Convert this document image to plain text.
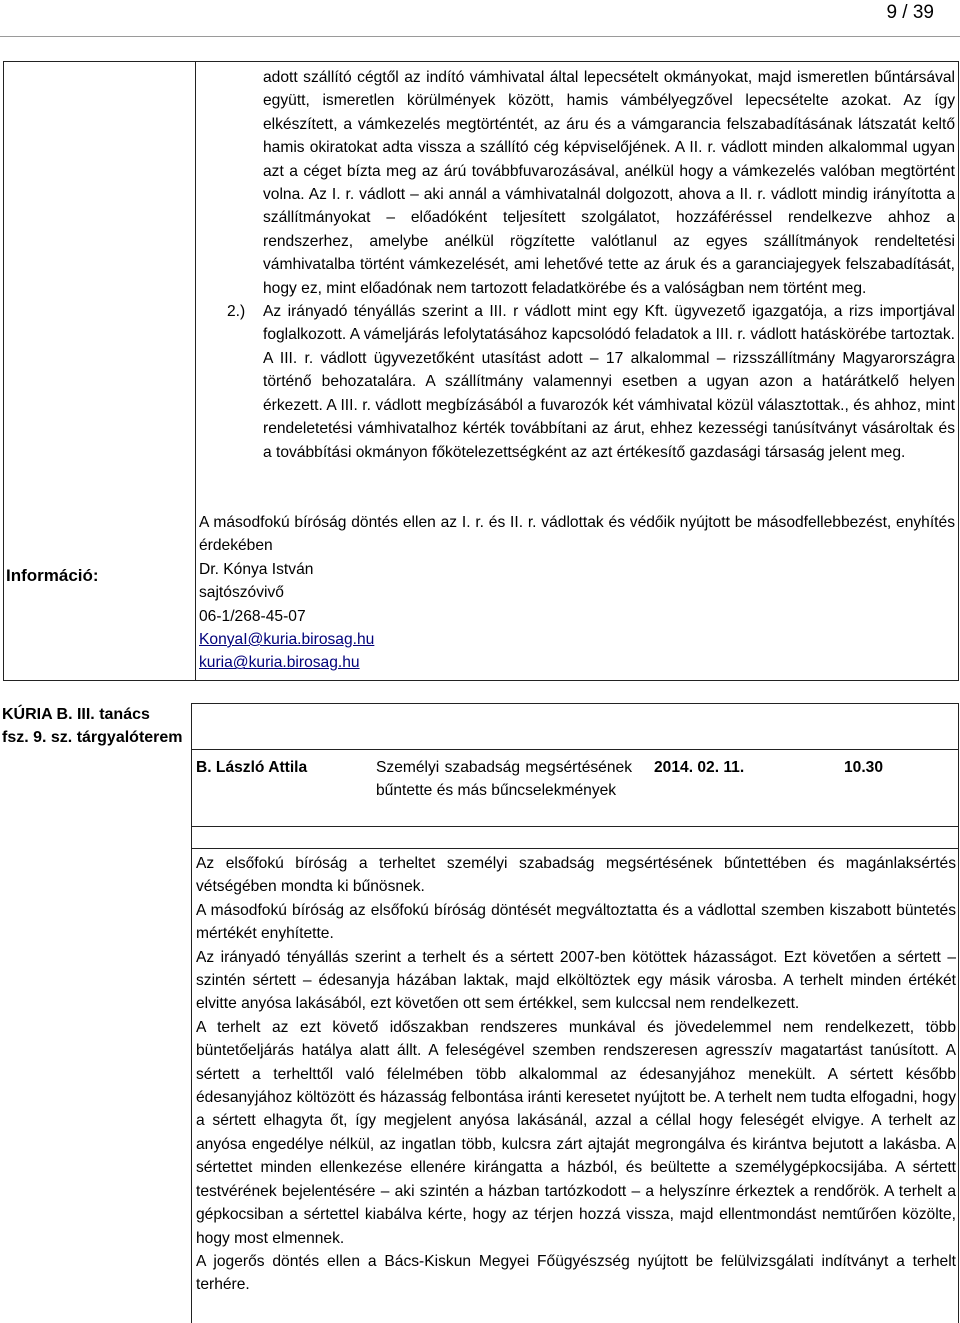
9 / 39
Információ:

adott szállító cégtől az indító vámhivatal által lepecsételt okmányokat, majd ismeretlen bűntársával együtt, ismeretlen körülmények között, hamis vámbélyegzővel lepecsételte azokat. Az így elkészített, a vámkezelés megtörténtét, az áru és a vámgarancia felszabadításának látszatát keltő hamis okiratokat adta vissza a szállító cég képviselőjének. A II. r. vádlott minden alkalommal ugyan azt a céget bízta meg az árú továbbfuvarozásával, anélkül hogy a vámkezelés valóban megtörtént volna. Az I. r. vádlott – aki annál a vámhivatalnál dolgozott, ahova a II. r. vádlott mindig irányította a szállítmányokat – előadóként teljesített szolgálatot, hozzáféréssel rendelkezve ahhoz a rendszerhez, amelybe anélkül rögzítette valótlanul az egyes szállítmányok rendeltetési vámhivatalba történt vámkezelését, ami lehetővé tette az áruk és a garanciajegyek felszabadítását, hogy ez, mint előadónak nem tartozott feladatkörébe és a valóságban nem történt meg.

2.) Az irányadó tényállás szerint a III. r vádlott mint egy Kft. ügyvezető igazgatója, a rizs importjával foglalkozott. A vámeljárás lefolytatásához kapcsolódó feladatok a III. r. vádlott hatáskörébe tartoztak. A III. r. vádlott ügyvezetőként utasítást adott – 17 alkalommal – rizsszállítmány Magyarországra történő behozatalára. A szállítmány valamennyi esetben a ugyan azon a határátkelő helyen érkezett. A III. r. vádlott megbízásából a fuvarozók két vámhivatal közül választottak., és ahhoz, mint rendeletetési vámhivatalhoz kérték továbbítani az árut, ehhez kezességi tanúsítványt vásároltak és a továbbítási okmányon főkötelezettségként az azt értékesítő gazdasági társaság jelent meg.

A másodfokú bíróság döntés ellen az I. r. és II. r. vádlottak és védőik nyújtott be másodfellebbezést, enyhítés érdekében

Dr. Kónya István
sajtószóvivő
06-1/268-45-07
KonyaI@kuria.birosag.hu
kuria@kuria.birosag.hu
KÚRIA B. III. tanács
fsz. 9. sz. tárgyalóterem
B. László Attila	Személyi szabadság megsértésének bűntette és más bűncselekmények
2014. 02. 11.	10.30

Az elsőfokú bíróság a terheltet személyi szabadság megsértésének bűntettében és magánlaksértés vétségében mondta ki bűnösnek.

A másodfokú bíróság az elsőfokú bíróság döntését megváltoztatta és a vádlottal szemben kiszabott büntetés mértékét enyhítette.

Az irányadó tényállás szerint a terhelt és a sértett 2007-ben kötöttek házasságot. Ezt követően a sértett – szintén sértett – édesanyja házában laktak, majd elköltöztek egy másik városba. A terhelt minden értékét elvitte anyósa lakásából, ezt követően ott sem értékkel, sem kulccsal nem rendelkezett.

A terhelt az ezt követő időszakban rendszeres munkával és jövedelemmel nem rendelkezett, több büntetőeljárás hatálya alatt állt. A feleségével szemben rendszeresen agresszív magatartást tanúsított. A sértett a terhelttől való félelmében több alkalommal az édesanyjához menekült. A sértett később édesanyjához költözött és házasság felbontása iránti keresetet nyújtott be. A terhelt nem tudta elfogadni, hogy a sértett elhagyta őt, így megjelent anyósa lakásánál, azzal a céllal hogy feleségét elvigye. A terhelt az anyósa engedélye nélkül, az ingatlan több, kulcsra zárt ajtaját megrongálva és kirántva bejutott a lakásba. A sértettet minden ellenkezése ellenére kirángatta a házból, és beültette a személygépkocsijába. A sértett testvérének bejelentésére – aki szintén a házban tartózkodott – a helyszínre érkeztek a rendőrök. A terhelt a gépkocsiban a sértettel kiabálva kérte, hogy az térjen hozzá vissza, majd ellentmondást nemtűrően közölte, hogy most elmennek.

A jogerős döntés ellen a Bács-Kiskun Megyei Főügyészség nyújtott be felülvizsgálati indítványt a terhelt terhére.
